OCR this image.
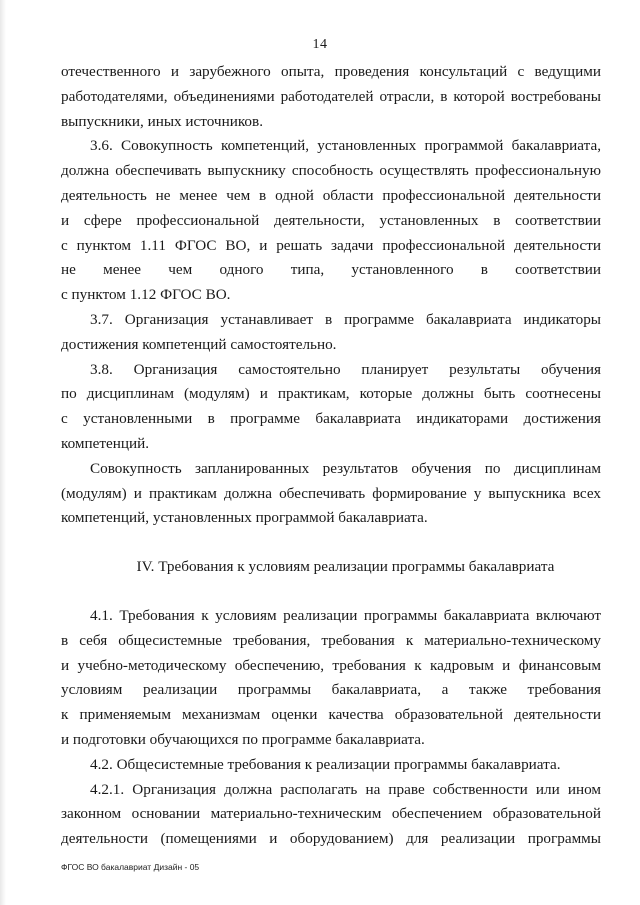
14
отечественного и зарубежного опыта, проведения консультаций с ведущими
работодателями, объединениями работодателей отрасли, в которой востребованы
выпускники, иных источников.
3.6. Совокупность компетенций, установленных программой бакалавриата,
должна обеспечивать выпускнику способность осуществлять профессиональную
деятельность не менее чем в одной области профессиональной деятельности
и сфере профессиональной деятельности, установленных в соответствии
с пунктом 1.11 ФГОС ВО, и решать задачи профессиональной деятельности
не менее чем одного типа, установленного в соответствии
с пунктом 1.12 ФГОС ВО.
3.7. Организация устанавливает в программе бакалавриата индикаторы
достижения компетенций самостоятельно.
3.8. Организация самостоятельно планирует результаты обучения
по дисциплинам (модулям) и практикам, которые должны быть соотнесены
с установленными в программе бакалавриата индикаторами достижения
компетенций.
Совокупность запланированных результатов обучения по дисциплинам
(модулям) и практикам должна обеспечивать формирование у выпускника всех
компетенций, установленных программой бакалавриата.
IV. Требования к условиям реализации программы бакалавриата
4.1. Требования к условиям реализации программы бакалавриата включают
в себя общесистемные требования, требования к материально-техническому
и учебно-методическому обеспечению, требования к кадровым и финансовым
условиям реализации программы бакалавриата, а также требования
к применяемым механизмам оценки качества образовательной деятельности
и подготовки обучающихся по программе бакалавриата.
4.2. Общесистемные требования к реализации программы бакалавриата.
4.2.1. Организация должна располагать на праве собственности или ином
законном основании материально-техническим обеспечением образовательной
деятельности (помещениями и оборудованием) для реализации программы
ФГОС ВО бакалавриат Дизайн - 05
